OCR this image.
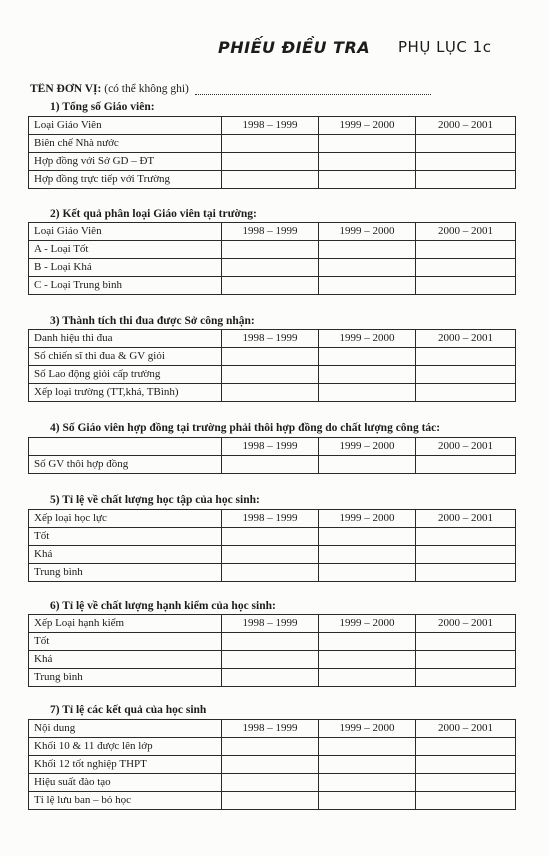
PHIẾU ĐIỀU TRA PHỤ LỤC 1c
TÊN ĐƠN VỊ: (có thể không ghi)
1) Tổng số Giáo viên:
Loại Giáo Viên	1998 – 1999	1999 – 2000	2000 – 2001
Biên chế Nhà nước			
Hợp đồng với Sở GD – ĐT			
Hợp đồng trực tiếp với Trường			
2) Kết quả phân loại Giáo viên tại trường:
Loại Giáo Viên	1998 – 1999	1999 – 2000	2000 – 2001
A - Loại Tốt			
B - Loại Khá			
C - Loại Trung bình			
3) Thành tích thi đua được Sở công nhận:
Danh hiệu thi đua	1998 – 1999	1999 – 2000	2000 – 2001
Số chiến sĩ thi đua & GV giỏi			
Số Lao động giỏi cấp trường			
Xếp loại trường (TT,khá, TBình)			
4) Số Giáo viên hợp đồng tại trường phải thôi hợp đồng do chất lượng công tác:
	1998 – 1999	1999 – 2000	2000 – 2001
Số GV thôi hợp đồng			
5) Tỉ lệ về chất lượng học tập của học sinh:
Xếp loại học lực	1998 – 1999	1999 – 2000	2000 – 2001
Tốt			
Khá			
Trung bình			
6) Tỉ lệ về chất lượng hạnh kiểm của học sinh:
Xếp Loại hạnh kiểm	1998 – 1999	1999 – 2000	2000 – 2001
Tốt			
Khá			
Trung bình			
7) Tỉ lệ các kết quả của học sinh
Nội dung	1998 – 1999	1999 – 2000	2000 – 2001
Khối 10 & 11 được lên lớp			
Khối 12 tốt nghiệp THPT			
Hiệu suất đào tạo			
Tỉ lệ lưu ban – bỏ học			
